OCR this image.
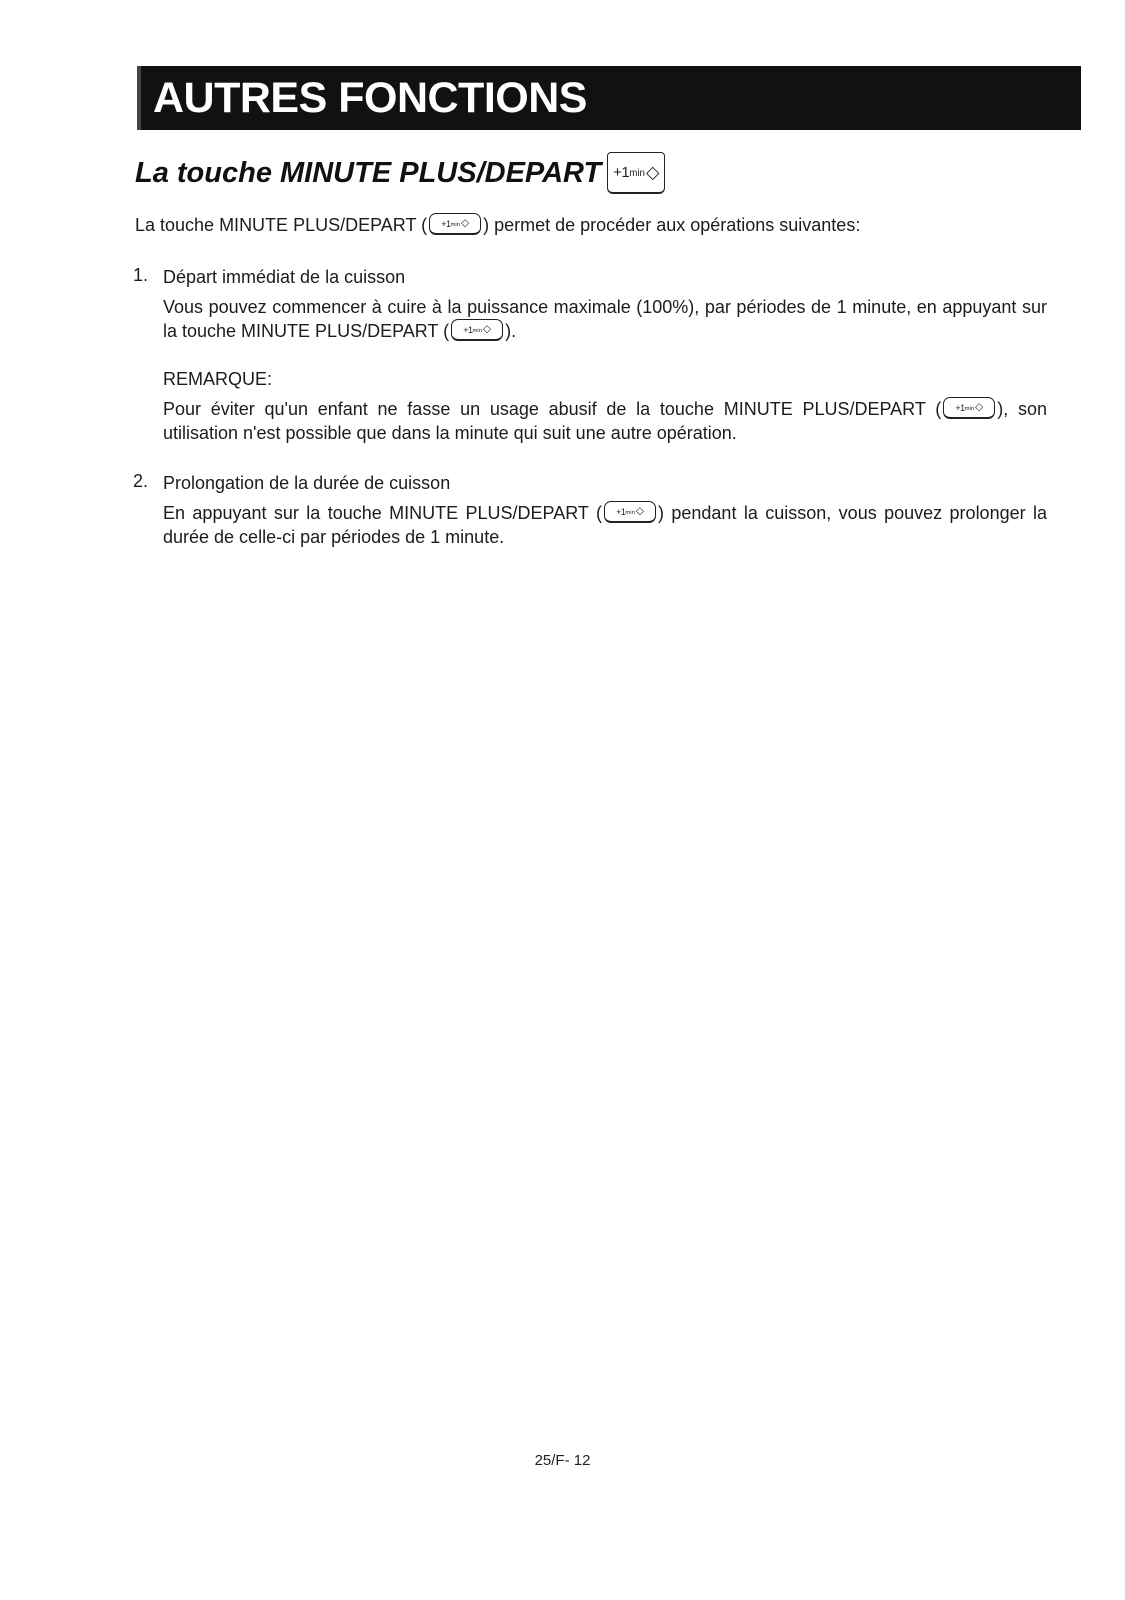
AUTRES FONCTIONS
La touche MINUTE PLUS/DEPART +1 min ◇
La touche MINUTE PLUS/DEPART ( +1 min ◇ ) permet de procéder aux opérations suivantes:
1. Départ immédiat de la cuisson
Vous pouvez commencer à cuire à la puissance maximale (100%), par périodes de 1 minute, en appuyant sur la touche MINUTE PLUS/DEPART ( +1 min ◇ ).
REMARQUE:
Pour éviter qu'un enfant ne fasse un usage abusif de la touche MINUTE PLUS/DEPART ( +1 min ◇ ), son utilisation n'est possible que dans la minute qui suit une autre opération.
2. Prolongation de la durée de cuisson
En appuyant sur la touche MINUTE PLUS/DEPART ( +1 min ◇ ) pendant la cuisson, vous pouvez prolonger la durée de celle-ci par périodes de 1 minute.
25/F- 12
